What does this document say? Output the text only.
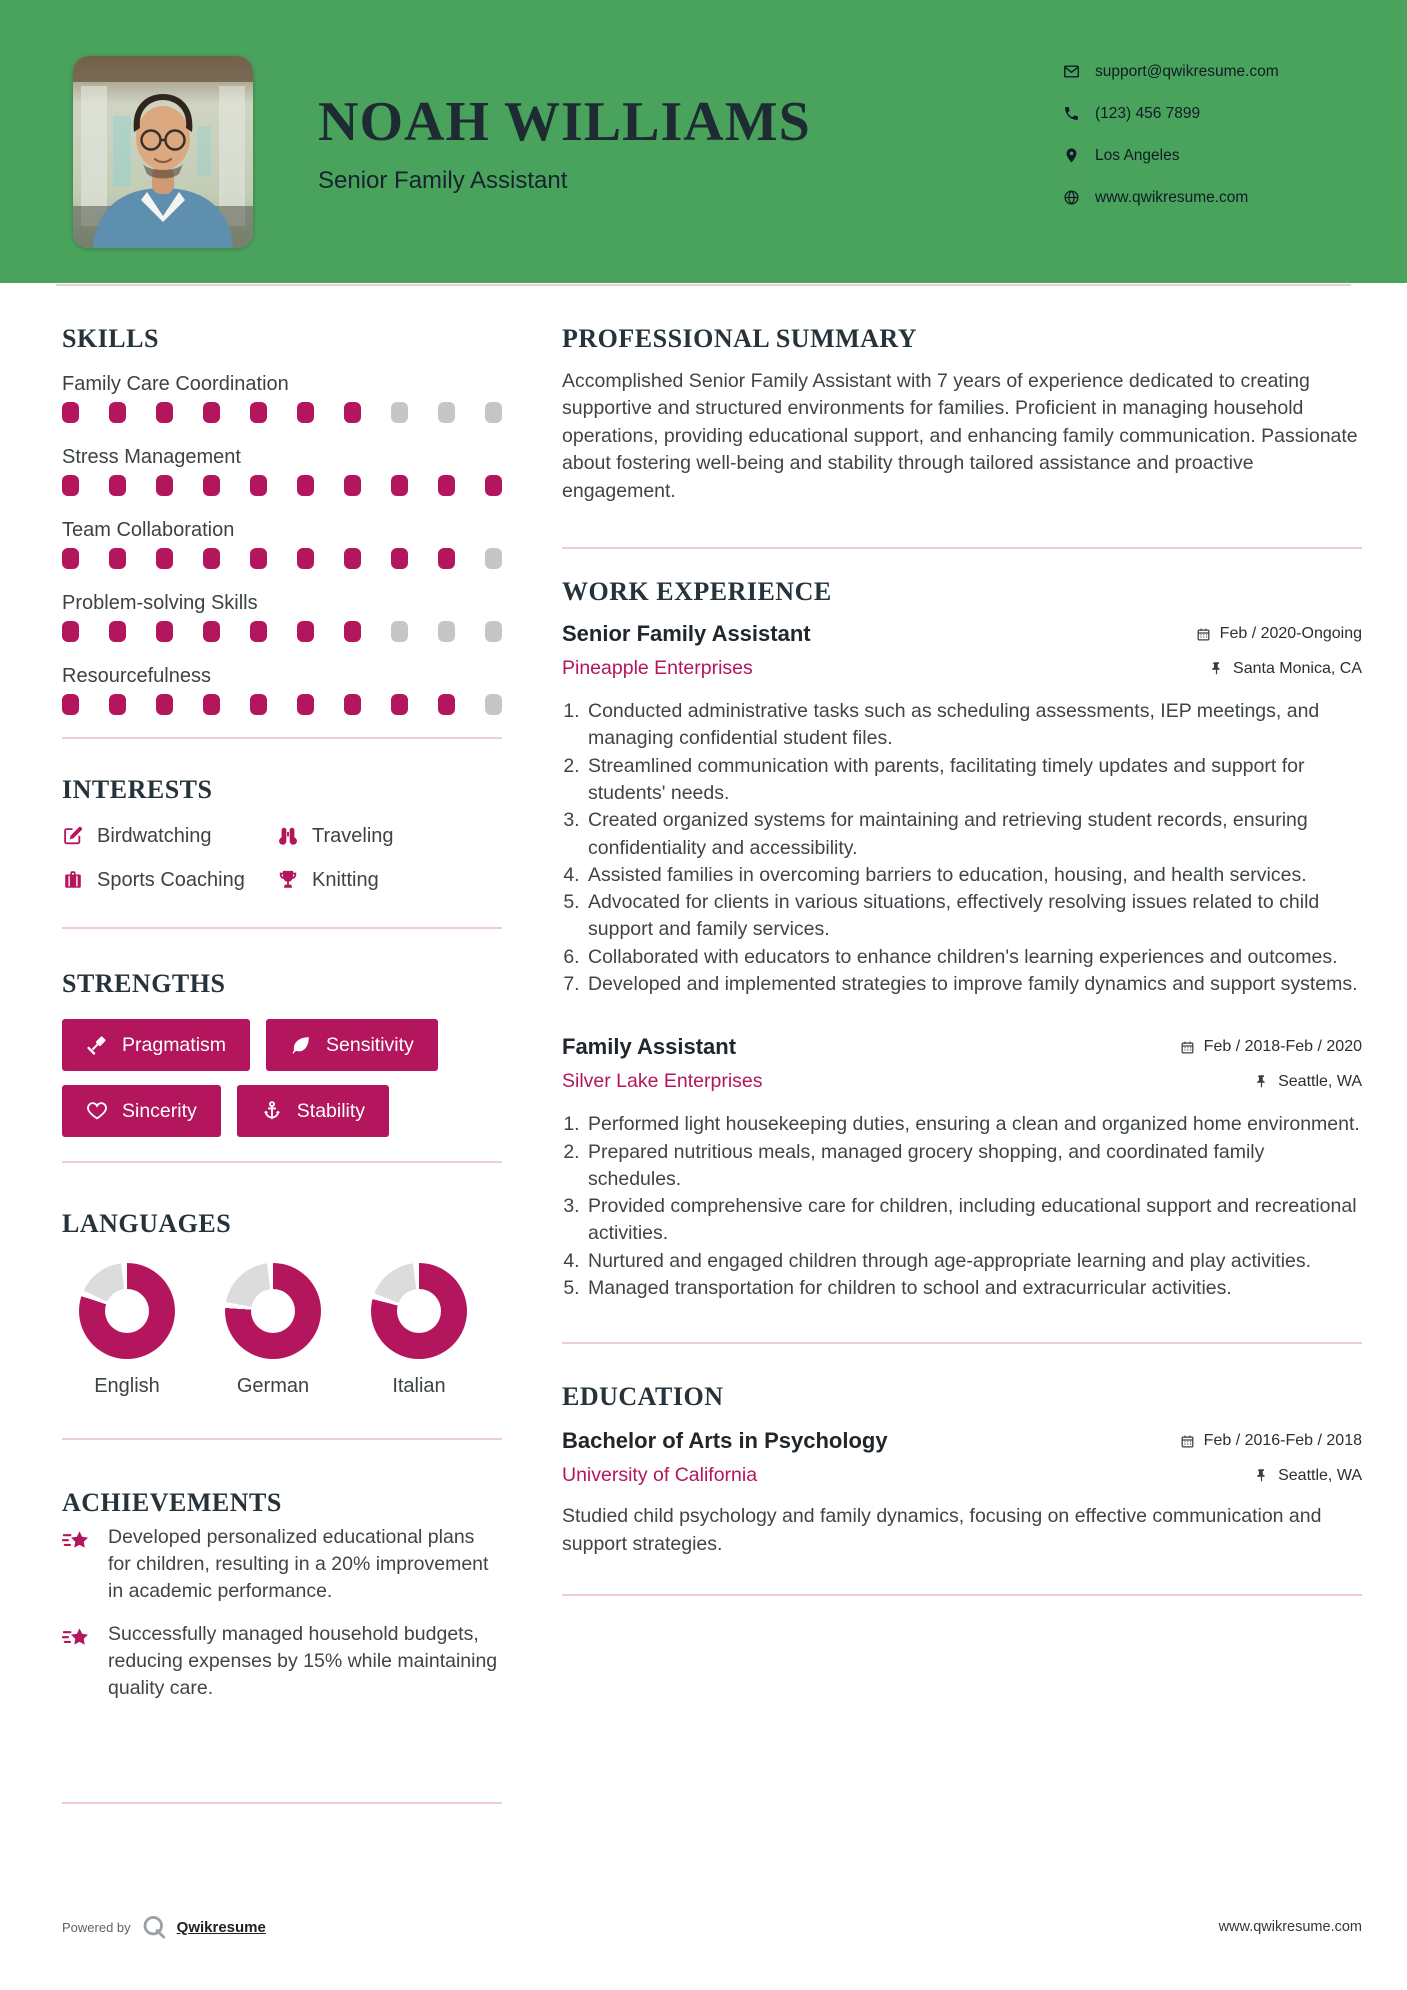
NOAH WILLIAMS
Senior Family Assistant
support@qwikresume.com
(123) 456 7899
Los Angeles
www.qwikresume.com
SKILLS
Family Care Coordination
Stress Management
Team Collaboration
Problem-solving Skills
Resourcefulness
INTERESTS
Birdwatching	Traveling
Sports Coaching	Knitting
STRENGTHS
Pragmatism	Sensitivity
Sincerity	Stability
LANGUAGES
English	German	Italian
ACHIEVEMENTS

Developed personalized educational plans for children, resulting in a 20% improvement in academic performance.

Successfully managed household budgets, reducing expenses by 15% while maintaining quality care.

PROFESSIONAL SUMMARY

Accomplished Senior Family Assistant with 7 years of experience dedicated to creating supportive and structured environments for families. Proficient in managing household operations, providing educational support, and enhancing family communication. Passionate about fostering well-being and stability through tailored assistance and proactive engagement.

WORK EXPERIENCE
Senior Family Assistant	Feb / 2020-Ongoing
Pineapple Enterprises	Santa Monica, CA
1. Conducted administrative tasks such as scheduling assessments, IEP meetings, and managing confidential student files.
2. Streamlined communication with parents, facilitating timely updates and support for students' needs.
3. Created organized systems for maintaining and retrieving student records, ensuring confidentiality and accessibility.
4. Assisted families in overcoming barriers to education, housing, and health services.
5. Advocated for clients in various situations, effectively resolving issues related to child support and family services.
6. Collaborated with educators to enhance children's learning experiences and outcomes.
7. Developed and implemented strategies to improve family dynamics and support systems.
Family Assistant	Feb / 2018-Feb / 2020
Silver Lake Enterprises	Seattle, WA
1. Performed light housekeeping duties, ensuring a clean and organized home environment.
2. Prepared nutritious meals, managed grocery shopping, and coordinated family schedules.
3. Provided comprehensive care for children, including educational support and recreational activities.
4. Nurtured and engaged children through age-appropriate learning and play activities.
5. Managed transportation for children to school and extracurricular activities.
EDUCATION
Bachelor of Arts in Psychology	Feb / 2016-Feb / 2018
University of California	Seattle, WA

Studied child psychology and family dynamics, focusing on effective communication and support strategies.

Powered by	Qwikresume	www.qwikresume.com
